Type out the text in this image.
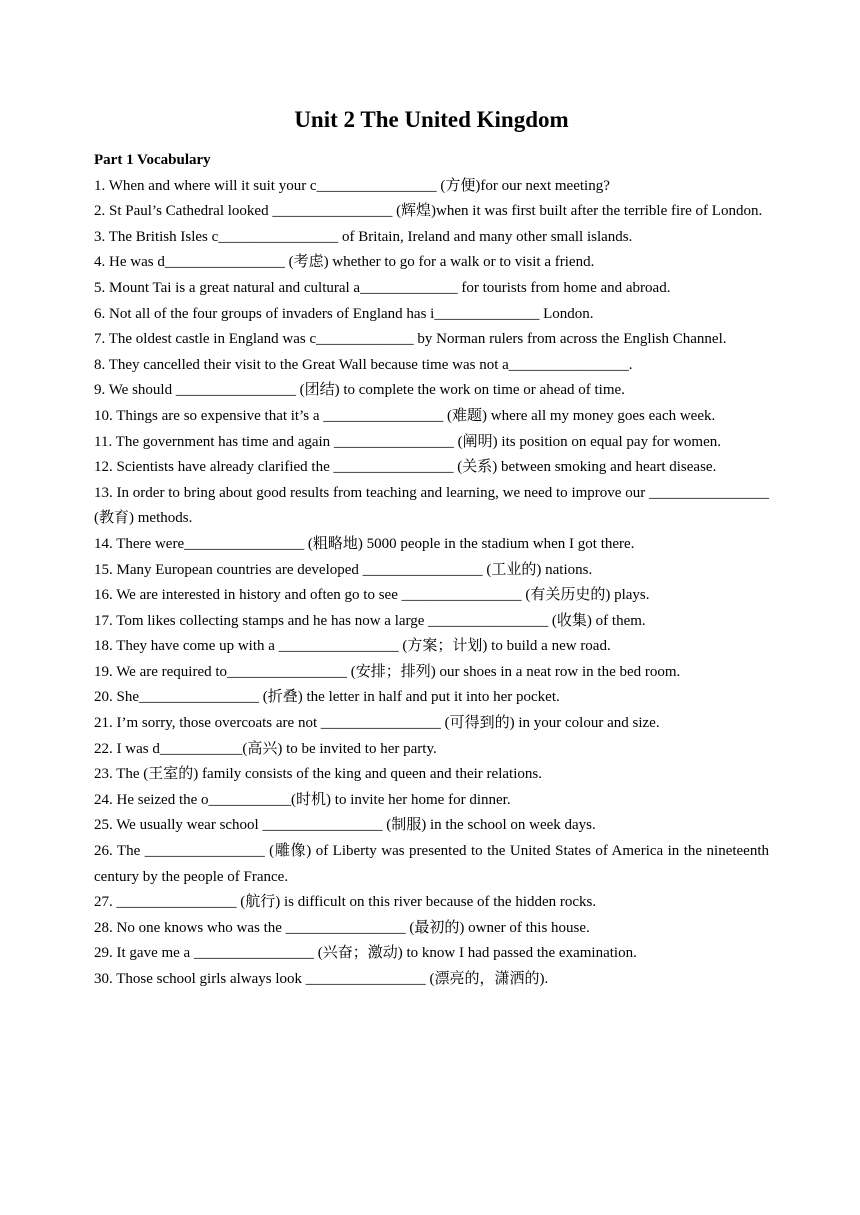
Unit 2 The United Kingdom

Part 1 Vocabulary

1. When and where will it suit your c________________ (方便)for our next meeting?

2. St Paul’s Cathedral looked ________________ (辉煌)when it was first built after the terrible fire of London.

3. The British Isles c________________ of Britain, Ireland and many other small islands.

4. He was d________________ (考虑) whether to go for a walk or to visit a friend.

5. Mount Tai is a great natural and cultural a_____________ for tourists from home and abroad.

6. Not all of the four groups of invaders of England has i______________ London.

7. The oldest castle in England was c_____________ by Norman rulers from across the English Channel.

8. They cancelled their visit to the Great Wall because time was not a________________.

9. We should ________________ (团结) to complete the work on time or ahead of time.

10. Things are so expensive that it’s a ________________ (难题) where all my money goes each week.

11. The government has time and again ________________ (阐明) its position on equal pay for women.

12. Scientists have already clarified the ________________ (关系) between smoking and heart disease.

13. In order to bring about good results from teaching and learning, we need to improve our ________________ (教育) methods.

14. There were________________ (粗略地) 5000 people in the stadium when I got there.

15. Many European countries are developed ________________ (工业的) nations.

16. We are interested in history and often go to see ________________ (有关历史的) plays.

17. Tom likes collecting stamps and he has now a large ________________ (收集) of them.

18. They have come up with a ________________ (方案；计划) to build a new road.

19. We are required to________________ (安排；排列) our shoes in a neat row in the bed room.

20. She________________ (折叠) the letter in half and put it into her pocket.

21. I’m sorry, those overcoats are not ________________ (可得到的) in your colour and size.

22. I was d___________(高兴) to be invited to her party.

23. The (王室的) family consists of the king and queen and their relations.

24. He seized the o___________(时机) to invite her home for dinner.

25. We usually wear school ________________ (制服) in the school on week days.

26. The ________________ (雕像) of Liberty was presented to the United States of America in the nineteenth century by the people of France.

27. ________________ (航行) is difficult on this river because of the hidden rocks.

28. No one knows who was the ________________ (最初的) owner of this house.

29. It gave me a ________________ (兴奋；激动) to know I had passed the examination.

30. Those school girls always look ________________ (漂亮的，潇洒的).
